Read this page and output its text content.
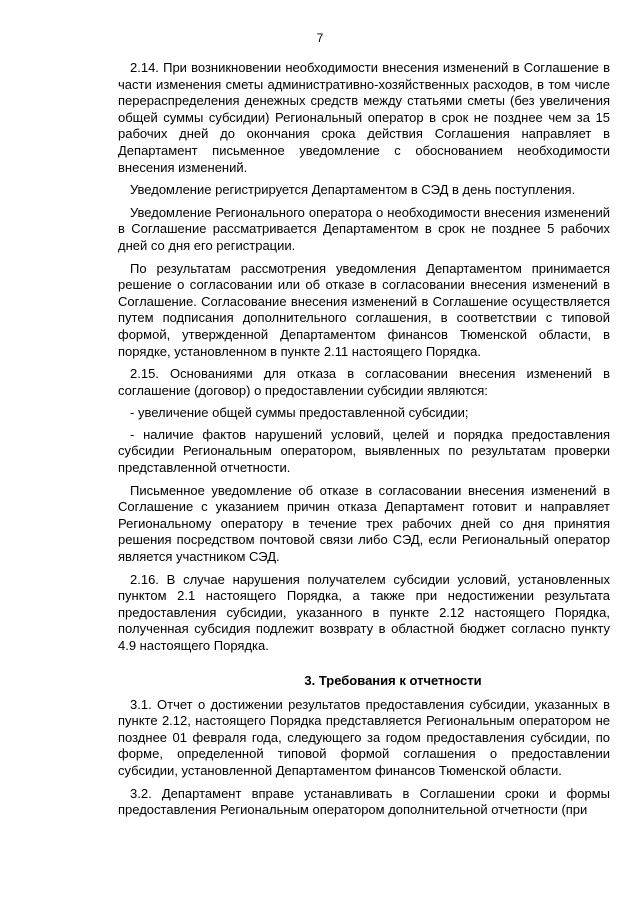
7

2.14. При возникновении необходимости внесения изменений в Соглашение в части изменения сметы административно-хозяйственных расходов, в том числе перераспределения денежных средств между статьями сметы (без увеличения общей суммы субсидии) Региональный оператор в срок не позднее чем за 15 рабочих дней до окончания срока действия Соглашения направляет в Департамент письменное уведомление с обоснованием необходимости внесения изменений.

Уведомление регистрируется Департаментом в СЭД в день поступления.

Уведомление Регионального оператора о необходимости внесения изменений в Соглашение рассматривается Департаментом в срок не позднее 5 рабочих дней со дня его регистрации.

По результатам рассмотрения уведомления Департаментом принимается решение о согласовании или об отказе в согласовании внесения изменений в Соглашение. Согласование внесения изменений в Соглашение осуществляется путем подписания дополнительного соглашения, в соответствии с типовой формой, утвержденной Департаментом финансов Тюменской области, в порядке, установленном в пункте 2.11 настоящего Порядка.

2.15. Основаниями для отказа в согласовании внесения изменений в соглашение (договор) о предоставлении субсидии являются:

- увеличение общей суммы предоставленной субсидии;

- наличие фактов нарушений условий, целей и порядка предоставления субсидии Региональным оператором, выявленных по результатам проверки представленной отчетности.

Письменное уведомление об отказе в согласовании внесения изменений в Соглашение с указанием причин отказа Департамент готовит и направляет Региональному оператору в течение трех рабочих дней со дня принятия решения посредством почтовой связи либо СЭД, если Региональный оператор является участником СЭД.

2.16. В случае нарушения получателем субсидии условий, установленных пунктом 2.1 настоящего Порядка, а также при недостижении результата предоставления субсидии, указанного в пункте 2.12 настоящего Порядка, полученная субсидия подлежит возврату в областной бюджет согласно пункту 4.9 настоящего Порядка.

3. Требования к отчетности

3.1. Отчет о достижении результатов предоставления субсидии, указанных в пункте 2.12, настоящего Порядка представляется Региональным оператором не позднее 01 февраля года, следующего за годом предоставления субсидии, по форме, определенной типовой формой соглашения о предоставлении субсидии, установленной Департаментом финансов Тюменской области.

3.2. Департамент вправе устанавливать в Соглашении сроки и формы предоставления Региональным оператором дополнительной отчетности (при
